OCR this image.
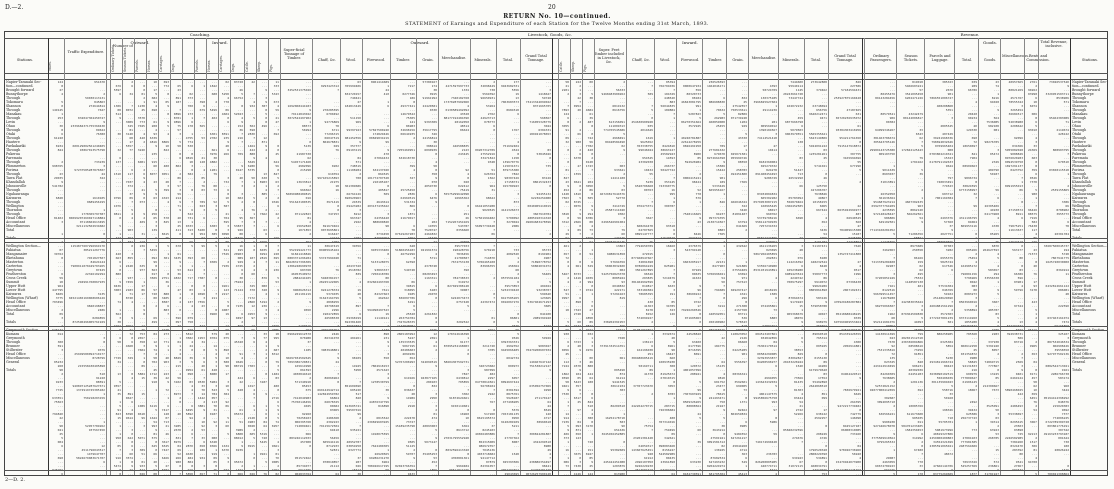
D.—2.	20
RETURN No. 10—continued.
STATEMENT of Earnings and Expenditure of each Station for the Twelve Months ending 31st March, 1893.
Coaching.	Livestock, Goods, &c.
Outward.
Outward.	Inward.	Inward.
Revenue.
Goods.
Stations.
Miles.
Traffic Expenditure.
Number of
Ordinary Tickets.	Season Tickets.	Parcels.	Horses.	Carriages.	Dogs.	Parcels.	Horses.	Carriages.	Dogs.	Cattle.	Sheep.	Pigs.
Super-ficial Tonnage of Timber.	Chaff, &c.	Wool.	Firewood.	Timber.	Grain.	Merchandise.	Minerals.	Total.
Grand Total Tonnage.
Cattle.	Sheep.	Pigs.
Super. Feet Timber included in Livestock, &c.	Chaff, &c.	Wool.	Firewood.	Timber.	Grain.	Merchandise.	Minerals.	Total.
Grand Total Tonnage.
Ordinary Passengers.
Season Tickets.
Parcels and Luggage.	Total.	Goods.
Miscellaneous. Rents and Commission.
Total Revenue, inclusive.
Stations.
Napier-Taranaki Sec-
tion—continued.
Brought forward
Bunnythorpe
Through
Tokomaru
Shannon
Through
Manakau
Through
Levin
Ohau
Through
Otaki
Through
Hautere
Paekakariki
Through
Pukerua
Paremata
Through
Plimmerton
Porirua
Through
Tawa Flat
Khandallah
Johnsonville
Through
Ngahauranga
Kaiwarra
Through
Wellington
Thorndon
Through
Head Office
Accountant
Miscellaneous
Total

Totals

Wellington Section—
Pahiatua
Mangamaire
Eketahuna
Masterton
Carterton
Greytown
Featherston
Cross Creek
Summit
Upper Hutt
Lower Hutt
Kaiwarra
Wellington (Wharf)
Head Office
Accountant
Miscellaneous
Total

Totals

Greymouth Section—
Kumara
Greymouth
Through
Brunner
Stillwater
Head Office
Miscellaneous
General

Totals
Napier-Taranaki Sec-
tion—continued.
Brought forward
Bunnythorpe
Through
Tokomaru
Shannon
Through
Manakau
Through
Levin
Ohau
Through
Otaki
Through
Hautere
Paekakariki
Through
Pukerua
Paremata
Through
Plimmerton
Porirua
Through
Tawa Flat
Khandallah
Johnsonville
Through
Ngahauranga
Kaiwarra
Through
Wellington
Thorndon
Through
Head Office
Accountant
Miscellaneous
Total

Totals

Wellington Section—
Pahiatua
Mangamaire
Eketahuna
Masterton
Carterton
Greytown
Featherston
Cross Creek
Summit
Upper Hutt
Lower Hutt
Kaiwarra
Wellington (Wharf)
Head Office
Accountant
Miscellaneous
Total

Totals

Greymouth Section—
Kumara
Greymouth
Through
Brunner
Stillwater
Head Office
Miscellaneous
General

Totals
124
8
27
4

5
0
149145
1
253
...
30
8
6
61240
...
6934
844

2
998765
...
23
29035
9
541782
...
...
6828
...
...
...
...
81402
3

1
...
4
...
07
39762
8
...
...
...
6
59
18
964
447795
8409
3775
703496
...
2
09
3
...
7
538134
014

300
591
3
...
...
05232
268
98
2
...
9233
...
7725
...
633551
75563
...
...
794840
22
...
98
041
25
5
004
6
...
...
698
...
...
875903
6
951670

...
2
59030113131
845863
272644814
7627
...
032047304450747
9
2339684371755360430
09622
76380
...
...
600129002561240405
93867013575798

...
733239
3
97237585287876507
44
322
...
...
...

1610105
0689456195

1
1778365797387
00699207269027118884
07118602613495
3211132502934682
...
8
...
56
1154877607296969170
385211267776
...
7451827507
84624144
7908911070429703265
07425
22326102294
...
294991760867935

...
3135
04521465169068606126
...
9840198837
2486
...
0284859
872590496005761929
...

...
3
8
...
9379
25949580092710177
8728799
...
215558430405898
...
510
91220
88591
940897125287627671
1372919745385182
1
750218203159

...
...
...
...
1
52957789262
937567450
...
...
...
12
4511796043517
1479647707
5824679083671707
6
...

...

676
5597
6

...
1306
08
512
9
...

...
30
...
...
...
32

6
137
...
...
1510
...
...
...
...

9796
...
1076
...
0811
0

5
...
1
473
4

...
420
663
6
1
0
880
...
9
0436
3003
2

74

1
562
3
38
3194
6
...
6
58
...
...
...
7729
34
...

13

5
9557
41
35

1
5
91
823
15
...
1
...
1
950
...
05
7
...
916
1
5474
0
8
2
6

34

...
7
0072
...
...
3009
345
81
3140
68
17
5557
77

...
...
...
6
117
...
7037
372
...
37
09
7
...
5
4
4
...
...
903
...
353
484
0
...
3
855
...
2448
...

937
7459
...
2183
71
8720
4

...

9
...
0967
71
72
0
6
4668
...
...
329
...
...
...
8
4
...
...

891
0627
6
...
4
8398
9614
...
...
3
0
622
0
6
3
60
3574
8
9
23
...
...
8
0
01
2
1
1238
45
...
3578
773
7045
...
4
440
2
...
3240
...
...
6001
...
2
6
9
4
...
41
9
0
073

9
2
409
...

31
...
210
236
7

...

635
977

...
1
17
86
17
...
...
8
9
8
...
...
12
79
753
2657
358
3
7604
7
1
0
89
...
5884
15

...
...
15
...
...
1089

0618
99
...
3
...
...
5071
...
...
389
51
...
01
933
577
026
10
...
17
5
682
91
4
698
...
...
61
208
4
93
6339
4816
9

235
...
915
60
...
8077

23

5
9
63
...
...
8
256
65
3
3
139
...
6

1
5459
...
092
99
8
563
017
3509

...
57
720
00
...
2

69
499
...
...
84
...
12
9
74
2
58
702
...
45
1712
39
918

1

...
...
6119
5
...
1644
54
993
9
81
575
0
625
0
66
...
20
5
93
08
693
772
...
8
...
05
9
...
8
...
9
5
...
4

8869
10
822

...
...
480
...
0051
...
28
3
399

4323
4
...
...
...
570
825

8615
75
...
5
...
1
301
...
...
...
0
2751
36
4

888
3405
8587
6
883
7
...
...
6
4748
273
...
771
1
1
...
40
903
...
...
223
42
9

72
...
1
...
6
7417
148
07
713
21
...
46
...
3617
6525
7427
...
6466
...
27
8382
...

65
23
...
891
187

7
0896
8701
9896
75
57
3
...
5
58
...
8
6
...
802
...
2
86
7
57
3
59
214
9
71
9

40
13
25
411
0
...
...
670
...
61
3435
9
1
53
36
4832
...
...
47
1
2
4
...
0
...
596
097
43
...
...
1
04
1
3
4
8829
3
215
...
4
56
3102
...
...
8973
2
8
...
...
40
...
...
3285
2678
...
831
8979
04
69
52
266
980
0
...
7
...
6

02
373
...
700
...
173
1
6
178

1
4755
774
530
...
8
9819
18
3
8
582
...
...
...
8
...
...
7
...
6
522
731
1
0333
313
8
...
90
5
...
...
393
...
1
614
...
717
...
8
03
0
...
137
4
...
7
079
758

078
5812
3582
4
24
0
...
39
5
...
9954
098
...
03
4
4
7
...
...
6
6495
5892
94
...
...
2
6
7
...
2870
...
4630
484
804
8
019
5858
...
1
...
...
...
398
6
679
...
7
...
565
...
...
53
...

...
...
21
128
...
4
...
05
2
76
03
...

789
023
3
...
6
...
...
5100
954
67
...
99
...

60
7
...
3
7
7387

0
1
9698
3
7556
23
...
...
...
...
523
...

1953
34
...
8
...
6
6
40
61
...
7
9530
33
70
14
1442
2
3881
9

2
10
92
53
...
33
6
658
186
...
934

3

657
...
1842
...
688

2
...
5499
...
402

...
...
6301
2782

661
3976
30
4882
...
1281
79

...
00
73

...
52
3
5
...
...
...
6383
8
385
2
0
5
...
...
...
0309

...
...
0
...
...
...
7
211

...
8
0960

...
91
579
0704
...
14
5
4
5
3
1
428
8080

5984
3
523
784
057
113
70
31
0187
...
92
3
...
...
080
6348
0366
1
919
09
05
8
45
71
02
...
...
5258
4
778
...
06
4604
0
6
...
...
8591
235
9
48
6
266

...
...
...

3
732
...
6
8
10
5
587

21
704
595
3
3
0098
144
88
1
521
7529
...
2
7939

...
...
...
9261
143
2217
...
5
8
4087
19
...
...
17
60
20
075
...
...
890
7
10
588
98
...
17

3
10
5
384
...
92
06
...

5
11
60

5
...

1634
6370
...
9
3

034
0
83728
...
46
5
66752

8
...
52043
4
9
152
36
7
216
7
...
...
709

...
9
0147
...
40
7
3

3
602
2

4
...
95
7
53837
926
88
25815
5
16
195
20903
089
929
4725
6
0
30
75922
...
71124
...
...
...
7235
...
6
0497
2
868
...
...
7
45340
...
...
91
4
9649
88719
...

424
22

428

...

...
61
05672
...
51

3989
6808
88012
1
9
0239

95672
2
1372
066
42

7
...
4
932
...
...
5

502
598
2830
7
...
1464
422
888
9
5629
6280
5735

50
1
2

...
5
8
...
76
1
367
3
7

...
0
5
1
0

107
4
2
4
60
...
...
325
370
...
7172
2860
12
...
4953
97

13
96
...
9
6
...
...
7
...
...
7303
...
...
6
...
1017
4
6
7
...
6
1
...
2128
4983
0028
2
605
5
...
0915

1
0

1
9
026
...
...
9
...
3
9
387
8
5
0
8
496

...
12
871
9
4

4

13
630
8903
1
4
885
2

...
2
7662

7
...
63
6

0758
8
6035
0294
2819
7

3
...
876
...
080
328
4
...
5194
236
3
9
13
...
...
...
33
77
4
1
2
1
2
0
...
...
8
...
3187

...
9

1
1
6
0
84
64
...
5319
740
5425
...
...
9921
...
5
...
...
76
11
333
...
5343

673
4
59
...
21
47
...
7
692

8
0
45

624
56
0
847
5
63
2
7
...
2
9346
6
...
22
2
...
6
...

169
...
7
2
228
695
11
...
236

5
53
...
9
1
...
2
...
4
...
...
...
4660
2005
18
995

9
687
8312

79
3
5
1484
83

480
0
...
2716
6
5
9
1
5
74
6957
...
...
...
4
9661
3
01
70
9085
2
4294
82
...
...
3252531375026
...
...
...
1692068444183
9
79114843022
3072522497902
1
88573
56994
...
...
0
5139
...
21987338
62
54457171468
4982096
215298

...
13633812
2
966562
56899988489815
016
551643180535
...

071122823
81
4
15652820
1071853
2
...
357
11
552199421773
91841418846
0883371296284
86628317396309
1386248690978
603768
46953540972
2884244105
1
...
9960626312
261101219
...
9
...
9650
...
...
...
2100619
267
0966229612570
876988
37
...
1185

36697034502645
7093386720831
165614998
061593
4030844610
2
571340918
85453
675
...
7412049983
75760146456
4025

92260
70258103
006395768
712809461
...
066
883246112033
457008
0

951572462
...
85734077
9914306
902833764
...
0293423312
7

...
...
270285595
6700492
...
92776869
78
6711
77296315
06047519
804678831
029
76

...

0202
...
610354
997165215893
21975
18
16

...
3971419
0
0
347253

...
691679464
0073695861
616427
12122
1903
30647415
89905945164
6
53747994048

...
76
...
5948384157
28225122065
...
0241278334
5374035
31623164799
2898259
28798348
2296
190472859
46508538
...
7
7365386094
2446
86341070
...

3983948801
7
9
24
...
...
7
86066962
8

669142942714
142824959782
66864
66078325
00682
03065
...
2486368
2302223
79115672504
69410

56456
605944116
8712933
52831
...
...
078810857
21112
...
64
63
355999406

832720157
740421
27
184813449

...
511150
969
...
99397943
...
081452556
9
357377
09103119

84
571
748519
11108284
2
708

361389686
7
66764126
690920963
24539
69423282
3
8212
963347
2922
...
...
...
4784

39356
...
...
71
...
40437320
2518782
839
...
4
...
19
48
5
...
897
...
6
69368199
692381460
35653502
...
...
404261
...
...
...
...
98109

14945
5958

...
7
851609690
605220
517
820
...
813605741
59507016
99
2
...
7
935221
...
...
40952787
03859258
6327774

37
287
026
15617
38
8961414689
1
44
410

1
6

...
...
...
6
57827500240
174829446
00849834219
99
...
9
470
67064432
...
...
634137020
864525
101772707528
210185107
8
405817
509

4643614
203137435622
...
3
64356440
888600820
98
...
3734458
82993953
...
...
9935333406
0
...
5133128075
...
93893337
7250418786
80
032602493768
...
7611
84327663
462622

7
594998497523
19
11149141
...
2
1132
898
231
9
1
...
3
550

7804918153
2571643
3
4
1278530799
...
38
...
9
44876347799
816898

6815542
239829603925
...
...
1918075595
...
...
7622480305
1
26920565
69286231270
6964
788926617195
50
...
...
7217
...
0277346
186
8
49377421
...
14679542
75305
141
86983
32698156
06644935
2
...
...
7255469951

632618730
...
399
4
...
327
...
...
25725450
2836
62969519
531334
866
7
1871
21679017

6
78
07619267283
4752
...
648
51860456183
46752296
3
62390

549748
...
...
06
39815
318095
9185
836097786
6191
6
5
25520
263754784
7327628335
1142020981

2865183992
5247
135333535
5067195
40486603
4094936
652
52767206993
...
...
...
619166
...
8
836637
28
14986
...
2918

222478
73727
15189235798
...
...
...
9505
51125
2
59707
9
...
82023766354
3457
9433
57380167
174
38
0915
91961992

22420581
0330
...
...
9393309

35617795
346
24156814
30
388614
6090939
8
...
4
58
8
358
9
070
4059730
...
6
6476
9
...

...
...
202
19355
7520747
4464832
16479
72
...
921991574
4
5711

4378748
...
08283493
1163311
...
6
6183
24070
0
...
...
...
2261832
8
4
...
3725
12
2691
4
61
2

...
324099519
9
...
...
943877165
280103
832
...
3
2950
...
3
2
01
474
...
40893003
5
...
9
5073147

8
35405253
53
452
7
1899
...
...
4271597997733
1334
...
7340182768
17370287902060
4
0130589492092
43528
88177192484390
28162050
48514
06624

...
446588835
2123
243445
...
...

92
4
8
020
022412
75419
55575299642098
16965362

0
...
251
26
7152267454169
543787
0356660

...
27658
39577033
190428756
7836456
21780587
7674753138
...
390
...
784738533
319272
827029388148
39087
...
6222073473
6757428
5
...

3202522
...
5
170312646398
1
91177
87095234168003
2
0

58604307592731
...
3
7827
6430812
705859
...
7
3302
91872624661

9150119681
0
16960
10
...
6364
8613712
...
27031795552948

...
8032596413340
8
4350801361

9969484
00511811946

2
32098449
738
5569392
96650931
...
53264
...
2762
44923713
078773
6
0
...
...
...
...
09267312709
27552916
33471822
9348

51
626764
1562
...
964
31
...
68622

66421053288
9029525

57501994482
7
56097739428
7
06
...

7
970218
...
714870
5706465108
83996355

...
2

...
...
0
7
42367472

...

01
0

0762
...

...
3211720
3785
...
...
...
340723682
987099
482
2297
04770814561
56708104
7
2942
...
767

0
517260
8615195572
...
37
8245103
49656483886
...
852315009
986972357
7045136
4033718682
92147712
07879
82391057

...
177
9943682331
5556
19
13
7063683573
...
0684518
6
...
...

1767
...
...
4
751692404
4524
8
1158
139670776
115031671
879715380
7822
98307426
17158731
915789943
...
3
...
873
...
4141326673
...
5700092
3270044
2086
...

...
...
733
4082520
1
2
458364
68
2
0575591184
6
39573853
5232339420
...
8417585265
0016067276
...
...
0
86801
5
3529
69
5
9526
9393363331
2992352
9445066485
...
6042734

800973
...
...
6057
8094697444
...
8301594
0875761
5928187
477498205
...
5579
7453181135
0950
9120289109
5211
...
7
27707362
8087
...

1548

025393506
...
3057797557
29043695
...
...
3
1418627
59748
73413344099022
8371665705
...
...
568567
716055328779
3044
6304331
189921078653

...

83
53845046
0
...
735
...
...
83126
8861532433
0

92455132
62236254080
...
0040905410019

3667910784
4885910314320
49684683478596

...
2

...
95733
8194904
4907
71890778752
50802031074
...
56409
...
5
404024
93238707
599640
123665
5367404671293
3605
...
844108
2989394940

5243

...
59926

9083027
70479200607034
...

149467647142
751538212127
9

...
...
635056757069
9290
...
271170147
64
44
8549
140
4717
38960618
...

300824281807
...
4322299510
8988
49
4
7
438886354497
98441
57268281340
90726257900128
58
21
2201
2

...
7
7893
124
6
8
3055
91
...
09
32
...
0
...
...
0
...
81
...
827
43
9
452
1428
7563
02
...

3818
0
3312
...
1
29
51
2
461
...
657
72
0
4

5467
2
4
...
547
51
9997
...
...
18

...
5
84
69
930
...
6
2
0056
45
...
112
7244

1862
0590
58
9461
9
7530
...
1
7
...
14
914
7239
5
9
406
373
1
...
16
...
1
086
73

...
222
2
1
3
22
7
0954
20

...
2

4
66
...
980
...
2
6
6378

47
...
1559

0641
0
2
1810
5
8745
0076
7
9
56
2666
0
09
7
...
3
2
...
0

8
061

8733
1416
2
...
7
...
6
898
...
7343
2748
...
60
9137
8

...
3723
48
9
...
...
3
4578
9
104
05
5423
357
6
7
6517
25

97
...
...
84
093
871
650
123

...
...
3675
0
3
7438

4126
00
...
...
5
38
...
...
4684
61
39
487
8
...
0
742
56
7782
420
0
2
0128
1743
7
...
...
204
3050
86
8
505
...
9
5
294
6786
08
4
73
2
6650
92

1
54
...
6
529
...
...
4039
994
0
9744
1

7
6
47
1
4858
89
0843
3944
032
1
1
3
4976

00
46
888

444
64
188

...
8
6
824
510
4
4
380
8
3170
...
1

720
...
151
6947
85
9
25
...
144
2
...
56333
9468483900262
...
...
6819132
0616756

613156091
111009313
774765545686
5
4968491
89428584490
02
9
...

...
003
933641
2
14411188
...
5
03
46729817644576
52770

3414749
25587111040
9302
3
6296546901004
...
79
60
127179
58782023135
13863
...
6988631858
...
57694356
58063832400
002
5425756823378
8085924
93
6040832
422171
57294163
819

...

...
...
338204391953
455
60323
...
7028
...
37391332514351
...
...
061
...

005498
874
91214
9441525
30611934
383
...

...
86209510
...
1
16252178718
583
90
651636
3645456452885

0
...
95382609
...
...
445424451088
1203879
2
813980
...
7
...
589
...

7
5
...
0
454630900928
035
4014649

1619
9625652
353338755
99046044

954545
23302038
...
10432
55
...
5239
6520706668
00763
...
...
7
076473371
...
...
3627

608264478
62707565
0895147777
...
75
7794650789
...
472015
877468947667
32891698
8786864249
3501267895
96546
203835
381404992599
019817
333184584
78685395
...
430
41363
8178
8152
574099227
2
...
81081063552
1
...
138113
6
164196038
251
389480685419

58169711
89
41378
...

37357723670

2

...
242264270715

...
...
75754
7

23201381428
...
64059317
143607625451
948
61912
2496107050
8226229230
3513684310
...
05394
766704036
7
104329
448520
883
56044835
189884
7
1
...
...
...
...
1
...
8424810
38663127
45582943
14593
...
266737
50427742
...
7
353145
743360775
16
995
1
6
300787
...

...
...
93518
6
0
41549628
271
18460
3

...
...
825981
7
7
7219479
0
6633
3
191
...
85
34785
323
126

...
5
...
3332674
28
5
8961
98
18447
660
100935938
308
1
81925672
67810315
8
3053

8783
1
...
283715
726306684

488
357314016
...
759499
09
342621
...
098083468
8156247
524582989
80435
23961898
...
93402169
64

0000647934
556
80320733
08184
46843081795
991
1
5287823
5
86270351664
3572945

40240781887
22614278259
0826491958
...
8900
85
592926984
...
...
2
0006415241
98424
...
52
778
576
1
...
...
7548116665
9
43
...

8446
1937317

2376579
543799148
...
...
6603205917
...
07949
00635
41632

9
96
38600222
7
9722
17
79226260546
8
071605063
0
...
5
44528840
...
63400
6177596
8716395
8691
...
...
120572
4001057096
288941

5
...
99
7307603929
9
8509326265
80808564

24
5
...
...
60
...

39
...

...
...
633230
...
8
8184730591
236526593
1464046171
...
...
6
086688830
...
70632
5
262983
460859008
25455
...
...
...
...
789
277681632
679678
8272664398
9
15586
15442
...
901
189
5333429
665956167
1
...
846
...
...
94237
997374355
2130714567
...
0883
7365
...
2
1
...
0
...
22131
8477903
...
5706996021
54
50
7
794689
7
0
...
3214
...
440592051
...
450180982
1
086358629
...
42
...
184775
...
...
...
64
15135
...
4
9818
601752
23477
0
78615
241493471
750
21947
9
...
5
...
38
3643214
0
47501941
9091581312
82
136925
...
87682534
627493232
8204224974
6
681705304
...
...
...
...
832
25
27542557
750533611
82806
071739248
1204
929
...
5
43330
...
17
1
025071581
955999746
08550
...
258783
492451800
...
7369
...
...
...

466046324
322
3420
81891407

63794
041669
2

...
0
432642
...

...
1
921889
67554409
63692
971
757613

049297417
4341
296
8
271308
2157768
83711
536
578543
518
589672
110823052
2126
06668
...
04225285
901
...
5556397

08366341

3592601
699005
73
...
8
1371

82462
802659834
...
6
0985
...
9484552
627261217
...
45844268
4714
363
6
549
1
...
45413

4393
58724709
...
130375185
3966825927604
1
29114236
...

281
009569012
1390104567
3
74114521418

47
10414
...

8182360084
025279332
824278
091408454493
9286729
...
...

83932804834
605302282
0579953087215
160965445
68017
960762
53739708216
558114799939
7257234332
...
...
86812744809
930952
4611136265
023695
5867266405859
292831
...
53556740980
8531931943891

4
...

4018229
1589
6
...
974495861
73
...
6883
...
97897452
3
684513407861
034842856
04
76302170514
...
00582299085
32393953877
84200596977
6
...
...
4994055
143643432034
5
...
4061147575
9945856675758
993
...
97

8
5986

...
59

749174990428
...

236783
...
826200805985
440774711
5642
4
7444600
95940114
1145
20243661728
73447724

102072232
...
...
459
6877666798
6
5079503
9063979551
...
138
...
...
...
83
...
...
51447
713
26532290
...
66

...
05783092
556870464
1366452585
...
...
6698

...
73
...
3
48
...
076
112216392
6
105238280
6989423524
4249742
700975297
...
...
...
87064674
9174943
15
1
965368679
48076
9
4
2
...
6
5
...
38553
829
83062847
20433226944
1540

...
73566
81435
...
81303
4
03444
54
21
2722
52266
...
...
...
85840232596
...
274676
7

...
934943
67
31072115

273642808

379462
...
...
...
63748694
656756
9640212471
9471
...
...

5565355621
5623149806
...
5924091242
03
1235281261
25
...
5741021
...
0
46
...
125750
427206707
7638846
49867
10158155
6065
667444
...
4
652
...
3436
54
4069
3191787
51197431
...
...
8188
448232544
8448
9
55897773
86
5919072
99824286
8805861890

583126
9
579058788
...
49027
...
998979
350494
2
89060518
765314
...
005925
...
0
0155130
89
44206
6179979640
83
17552
55492890
2644868510
...
851
099

...
17
638122
2592257

8

208249
4726
...
0
1796520348
2808229390
534891
0
468834791
23319045
753
826
227586
57184594431

253927875160428
...
...
47187465
631
65720236935072
...
61
93384303416956

954211761650
0
7915147918872
...
307755
3165994696
55
677290
5
...

2

22
0635922994977
487
66940545
560
47
784909615388
15187
6435680
44718864
7640
...
1352747411808

27
4
0517
1996
...
07396438

2067102431

...
470929180287884

...
05218688448245
0339
697569969553464

32516209445
854339426559
...
4300
2956914881
...
...

...
...
...
04964429513
9

...
7836979921
6629
...
264395
9472217739482
0
742779
146098
...
8425127187
06008310085
733160
...
...
04
978926736960
56940
4
15479944073900
...
145142804475390
...
...
...
...
80455476
89143284456
...
...

80579541
906
00382

64999346267
...
381463786674
305643705146
...
29989143725380
009103750

...
1
9011639
8603037
...
31013891
...
...
26352050
361636364
954687923214
6592377764209
4235595
972148428447
986806
649102501

77143160281052
5
...
11746555

3462063
...
7
7213339289408
02287
...
3
37265851949
...
7161
8122516
566399511457
11678288
7
98275066507
...
1962
68
952121681076
99052
162921079841
14130911699
043
7678
92
7531335816
72
135
023325
443412910499

84260309
7638605
2
52572821152
92077000412659
...
302687
3094095710
2
...
636566221

9906938
927446678078
...
9
3775509910562
9795265532
...
1

29087
4463059
60672789223
967226
5
819018
5466603241
57
3541095458
6202471226

...

43242479
80142006817
...
...
33
6543
62
7
5
172842125443

79
1704162

5
39
...
...
...
2

1
4607302435
963
8862120
566262561
54
9

...
71286356
58871
...
8973689
250558

86166
159
02
62
495
75532
1148587130
401
...
...

242383035624
3
6
879364509838
5
44093
...
35085
799
282651512318
430336004866
68508616
73256
91851
...
840
906231
40302036
64451283

1201136
...
692
...
...
...
10085766
...
611673608
905035
011
584701233405
1584350453
6
314992
2
8
67480
7
...
770
33
...
178
385323
...
2670
901
7866551006747
...
408208868
5351
...
3
...
2805545

407429
39241968336
798694832646
0769965404
008
0783802210341
15323
6178791192633
9644
...
...
797
740833491
774523
...
603712
7001169384
...
...
...
...
2493376
57360
37
9
2027751
...
388050566
07383
3282
...
6955379
5825744
617546
6
...

...
57534384
046769
59102
25148629690
7
4604881561296
2
3572303
2772107801239
501

...
880258985

6325304
5854

...
5230
2934811966724
80443
...
3638090102519
550406039
301135904043
5
558716
33
50168
...
...
198326
...
710
55705701

5081973996
40819327806
2259000400883
34554321699
2385591065041
...
48672

47666144706
6
83775269609
039
289
66786
...
...
4
...
...
20420
90234
...
40
129330
...
690
72
18650697

841
7904
...
08909663
...
...
9896734
8
30824595
6773158997
32
7

99
...
...
4311196795
04064
869953116
...
8
1
2
...
005266
2
75454
4
162985172

796801156
7796969
0042
083
00
0083273
3
8503960016
2
5358894

9373119260
1855288
329467534

785568
...
...
060612258
25
031354872
9988
58845
92131833
216
600979
777809627
61906145
2
18067

2492
...
39432
625586
256737743
1

773

27804103
777981585
2487564606
...

...
70933326
525257369
...
1877
23
74
...
1
8216
94028
...
9
...
564
7536085
982108
081

...
98276785
...
3
05472

2349
...
489790
50187
...

...
56
...
6
...
26305406
44930
04173968
4
...
4338
...
05265
...
75
6870
264627593
4
5
...
4
583657
294
33556338
1
...
9
5
...
3607
...
485787
83
5
4
6
3780
2283

337938
5391940
8057
2
...
74869715
777867
0
13245
85
...
212300667
7673

...
...
3525091
50
3
03
39314
2
63923
53
268785

...
15
...
...
572
236861
6
31781947
40957665
...
80821269

4571767
78555342
3
3265454
36684517
...
52038980
2208642
...

92096
...
034366
5955082048
9088849
8976020283
0094539750
1697291137
0423752
...
7
1
8991955013
06
...
...
8
...
47150572
8911
6

79875251
11613637
...
...
12672410
0
563177
...
80
...
8
83
66386
596
03901
4
59796

...
...
97344
...
...
...
13
577492337
6043
392938731
506
83716
...
...
2
7
2569
3
9
0401
6469124
...
...
5890468025
442
...
...
4486493
...
55338697
...
8295615
23503
03898
725
2246582985
7384260
8324470
283392
80
...
9541
27067
907532

2761
2
90262
03998
6
18
6074

006
8
6
5
93010
...
4
3
33
24369
...
603
0
8
359
6
0526
7378
...
5
980
1
...
7
96426
88575
7919
582
76438
117
4
86
229
...
43
71573
...
8
20
...
76
...
17
93
3178

...
423
...
5
1
2
4
...
95316
...
...
2
9965
...
653
...
04
...
8
0171
457
58
62
10
659
6451
76
2
54
...
...
3067
...

92213
2
1517
306
81
...
4
94708
...
...
5
73026537540
9
...
3329951503711
8538906
571
...
...

95462383089
71
...
2119674
428122
...

...
808903795
7
...
670510
...
03658115518
1
...

2
2539155865
...
...
3386
66
8788902
3955773
...
6
78
...
20301784
...
...
33687500045737
194
5748
7867941775
1625720030000

8364914
11

...
6232812661122
086081
48
...
...
222590

637463161074
7474
99165898
...
325107
3
887532046534
066908426
39558550
927977502136
...

0882542713021
9161
2286766738
583174
...
960
3444
...
05194414398292
848376
215020383
9692
7377
774006225
6722789309728
003861776191
307342
49163233793187
001644
730
180
20826242
...

0
1549
789021308864
2—D. 2.
